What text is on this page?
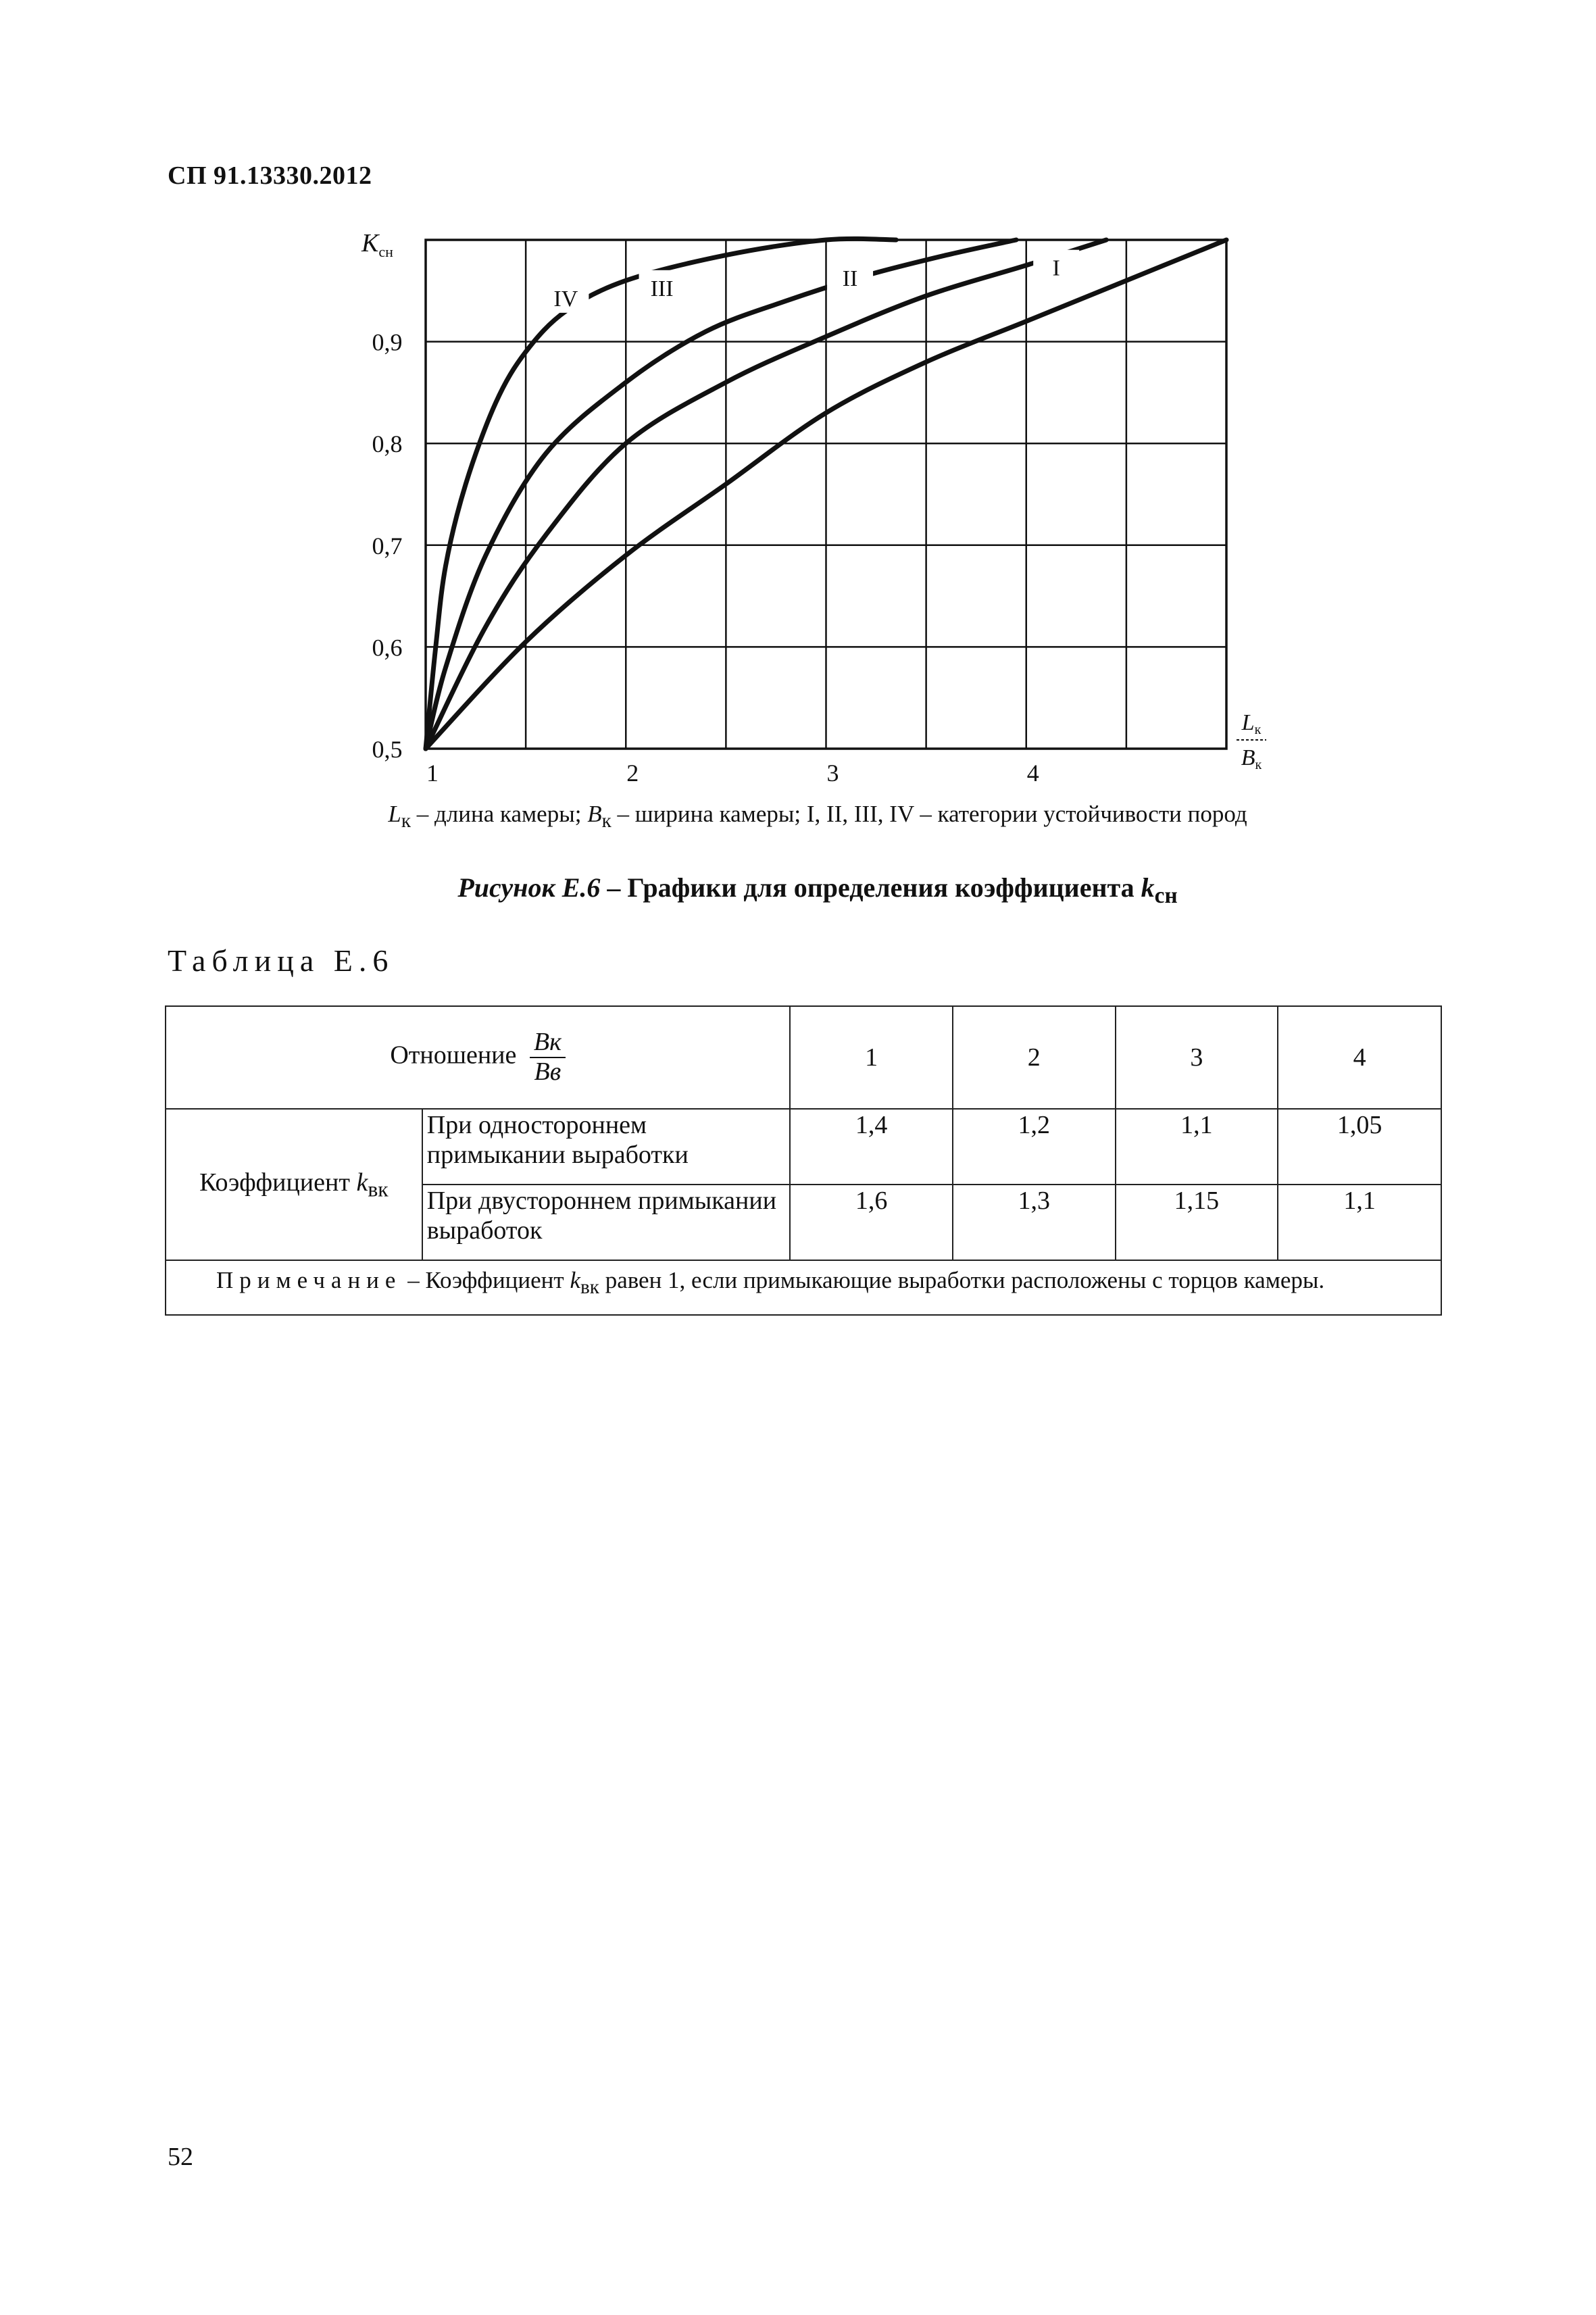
СП 91.13330.2012
0,5
0,6
0,7
0,8
0,9
1	2	3	4
$K_{сн}$
Lк
Bк
IV	III	II	I
$L_к$ – длина камеры; $B_к$ – ширина камеры; I, II, III, IV – категории устойчивости пород
Рисунок Е.6 – Графики для определения коэффициента $k_{сн}$
Таблица Е.6
Отношение $\frac{Bк}{Bв}$		1	2	3	4
Коэффициент $k_{вк}$	При одностороннем примыкании выработки	1,4	1,2	1,1	1,05
	При двустороннем примыкании выработок	1,6	1,3	1,15	1,1
Примечание – Коэффициент $k_{вк}$ равен 1, если примыкающие выработки расположены с торцов камеры.					
52
